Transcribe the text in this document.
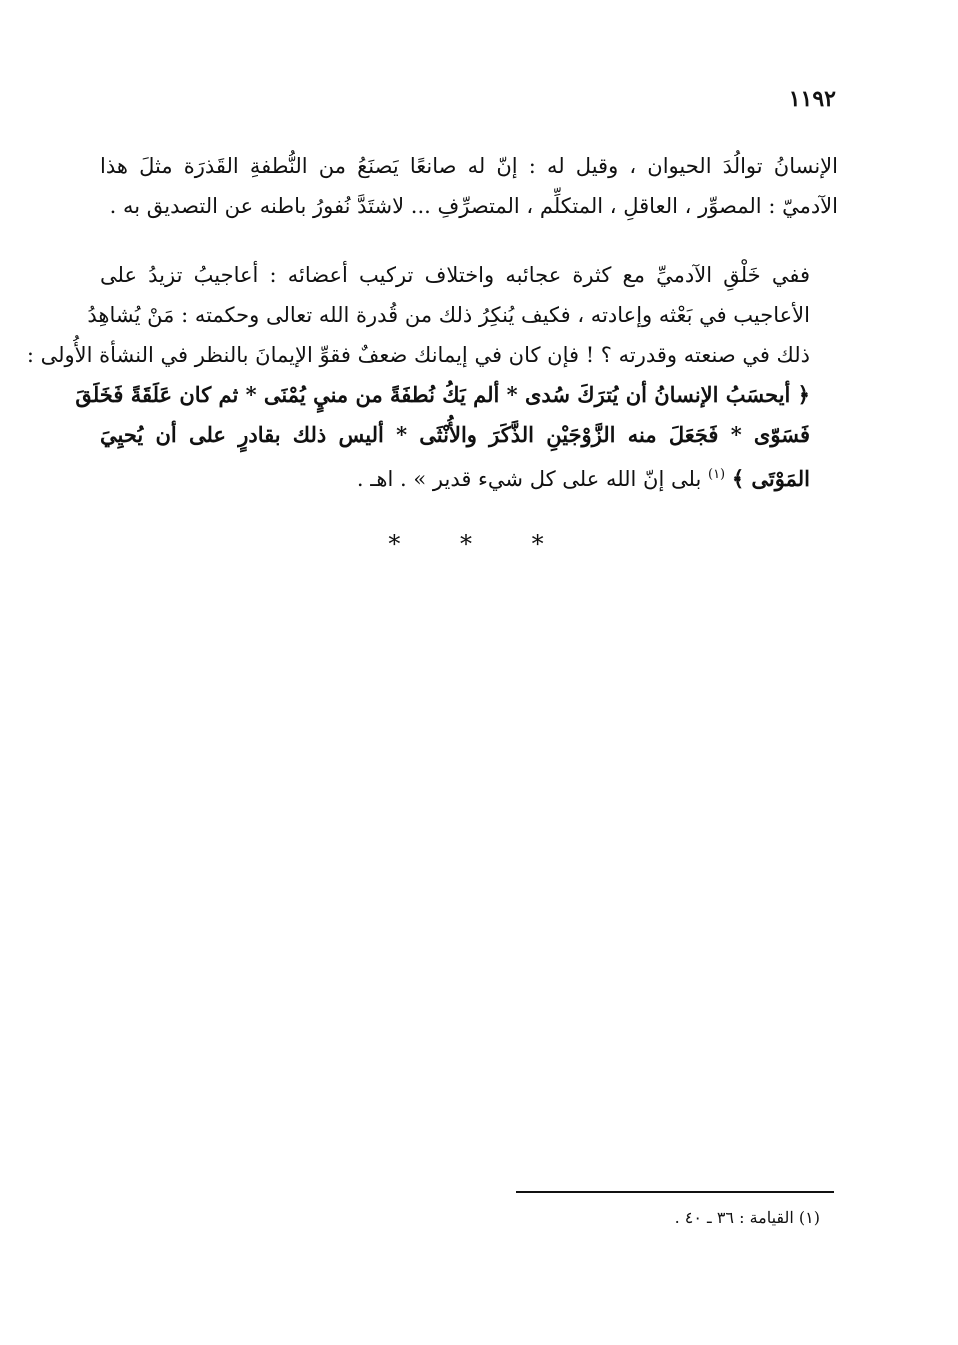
١١٩٢
الإنسانُ توالُدَ الحيوان ، وقيل له : إنّ له صانعًا يَصنَعُ من النُّطفةِ القَذرَة مثلَ هذا
الآدميّ : المصوِّر ، العاقلِ ، المتكلِّم ، المتصرِّفِ ... لاشتَدَّ نُفورُ باطنه عن التصديق به .
ففي خَلْقِ الآدميِّ مع كثرة عجائبه واختلاف تركيب أعضائه : أعاجيبُ تزيدُ على
الأعاجيب في بَعْثه وإعادته ، فكيف يُنكِرُ ذلك من قُدرة الله تعالى وحكمته : مَنْ يُشاهِدُ
ذلك في صنعته وقدرته ؟ ! فإن كان في إيمانك ضعفٌ فقوِّ الإيمانَ بالنظر في النشأة الأُولى :
﴿ أيحسَبُ الإنسانُ أن يُترَكَ سُدى * ألم يَكُ نُطفَةً من منيٍ يُمْنَى * ثم كان عَلَقَةً فَخَلَقَ
فَسَوّى * فَجَعَلَ منه الزَّوْجَيْنِ الذَّكَرَ والأُنْثَى * أليس ذلك بقادرٍ على أن يُحيِيَ
المَوْتَى ﴾ $^{(١)}$ بلى إنّ الله على كل شيء قدير » . اهـ .
* * *
(١) القيامة : ٣٦ ـ ٤٠ .
